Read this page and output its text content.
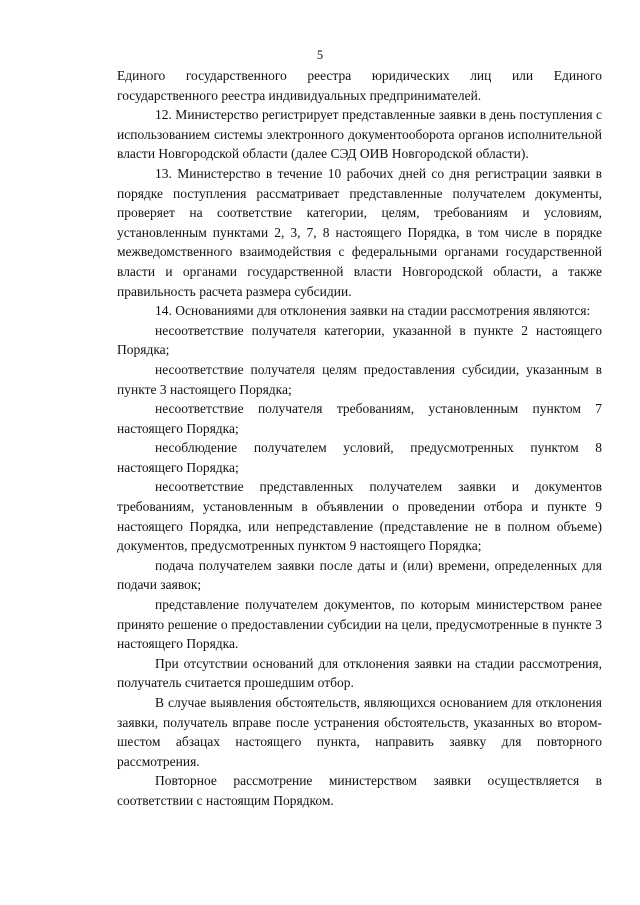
5

Единого государственного реестра юридических лиц или Единого государственного реестра индивидуальных предпринимателей.

12. Министерство регистрирует представленные заявки в день поступления с использованием системы электронного документооборота органов исполнительной власти Новгородской области (далее СЭД ОИВ Новгородской области).

13. Министерство в течение 10 рабочих дней со дня регистрации заявки в порядке поступления рассматривает представленные получателем документы, проверяет на соответствие категории, целям, требованиям и условиям, установленным пунктами 2, 3, 7, 8 настоящего Порядка, в том числе в порядке межведомственного взаимодействия с федеральными органами государственной власти и органами государственной власти Новгородской области, а также правильность расчета размера субсидии.

14. Основаниями для отклонения заявки на стадии рассмотрения являются:

несоответствие получателя категории, указанной в пункте 2 настоящего Порядка;

несоответствие получателя целям предоставления субсидии, указанным в пункте 3 настоящего Порядка;

несоответствие получателя требованиям, установленным пунктом 7 настоящего Порядка;

несоблюдение получателем условий, предусмотренных пунктом 8 настоящего Порядка;

несоответствие представленных получателем заявки и документов требованиям, установленным в объявлении о проведении отбора и пункте 9 настоящего Порядка, или непредставление (представление не в полном объеме) документов, предусмотренных пунктом 9 настоящего Порядка;

подача получателем заявки после даты и (или) времени, определенных для подачи заявок;

представление получателем документов, по которым министерством ранее принято решение о предоставлении субсидии на цели, предусмотренные в пункте 3 настоящего Порядка.

При отсутствии оснований для отклонения заявки на стадии рассмотрения, получатель считается прошедшим отбор.

В случае выявления обстоятельств, являющихся основанием для отклонения заявки, получатель вправе после устранения обстоятельств, указанных во втором-шестом абзацах настоящего пункта, направить заявку для повторного рассмотрения.

Повторное рассмотрение министерством заявки осуществляется в соответствии с настоящим Порядком.
